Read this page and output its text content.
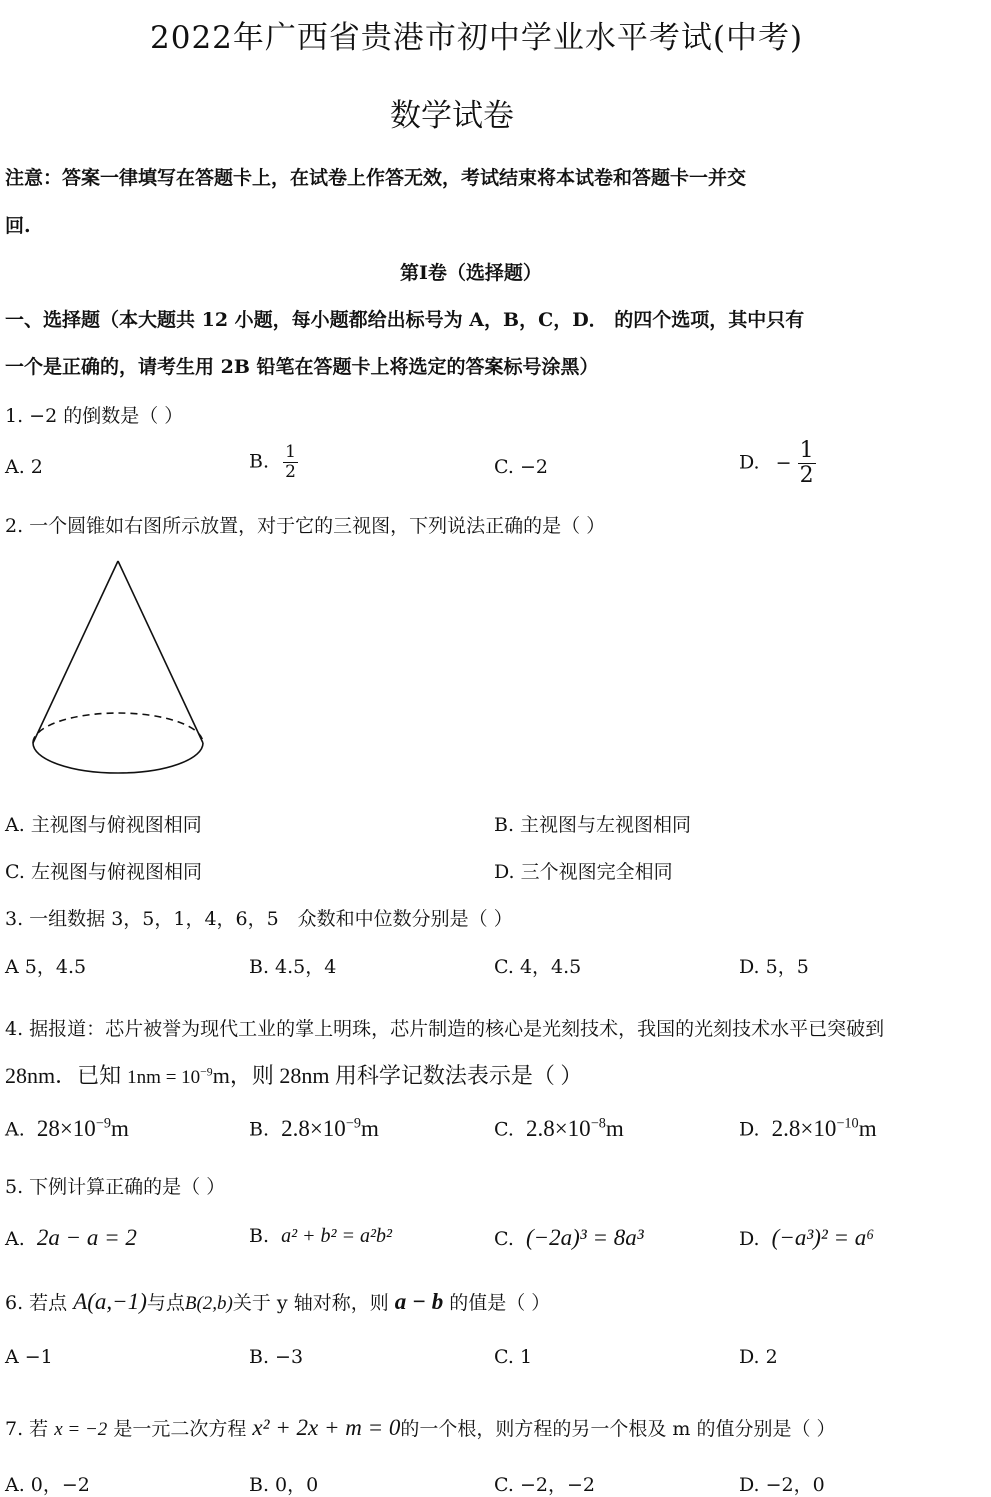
2022年广西省贵港市初中学业水平考试(中考)
数学试卷
注意：答案一律填写在答题卡上，在试卷上作答无效，考试结束将本试卷和答题卡一并交
回.
第Ⅰ卷（选择题）
一、选择题（本大题共 12 小题，每小题都给出标号为 A，B，C，D． 的四个选项，其中只有
一个是正确的，请考生用 2B 铅笔在答题卡上将选定的答案标号涂黑）
1. −2 的倒数是（ ）
A. 2	B. $\frac{1}{2}$	C. −2	D. − $\frac{1}{2}$
2. 一个圆锥如右图所示放置，对于它的三视图，下列说法正确的是（ ）
A. 主视图与俯视图相同	B. 主视图与左视图相同
C. 左视图与俯视图相同	D. 三个视图完全相同
3. 一组数据 3，5，1，4，6，5 众数和中位数分别是（ ）
A 5，4.5	B. 4.5，4	C. 4，4.5	D. 5，5
4. 据报道：芯片被誉为现代工业的掌上明珠，芯片制造的核心是光刻技术，我国的光刻技术水平已突破到
28nm．已知 $1nm = 10^{-9}m$，则 28nm 用科学记数法表示是（ ）
A. $28\times 10^{-9}m$	B. $2.8\times 10^{-9}m$	C. $2.8\times 10^{-8}m$	D. $2.8\times 10^{-10}m$
5. 下例计算正确的是（ ）
A. 2a − a = 2	B. a² + b² = a²b²	C. (−2a)³ = 8a³	D. (−a³)² = a⁶
6. 若点 A(a,−1)与点B(2,b)关于 y 轴对称，则 a − b 的值是（ ）
A −1	B. −3	C. 1	D. 2
7. 若 x = −2 是一元二次方程 x² + 2x + m = 0的一个根，则方程的另一个根及 m 的值分别是（ ）
A. 0，−2	B. 0，0	C. −2，−2	D. −2，0
